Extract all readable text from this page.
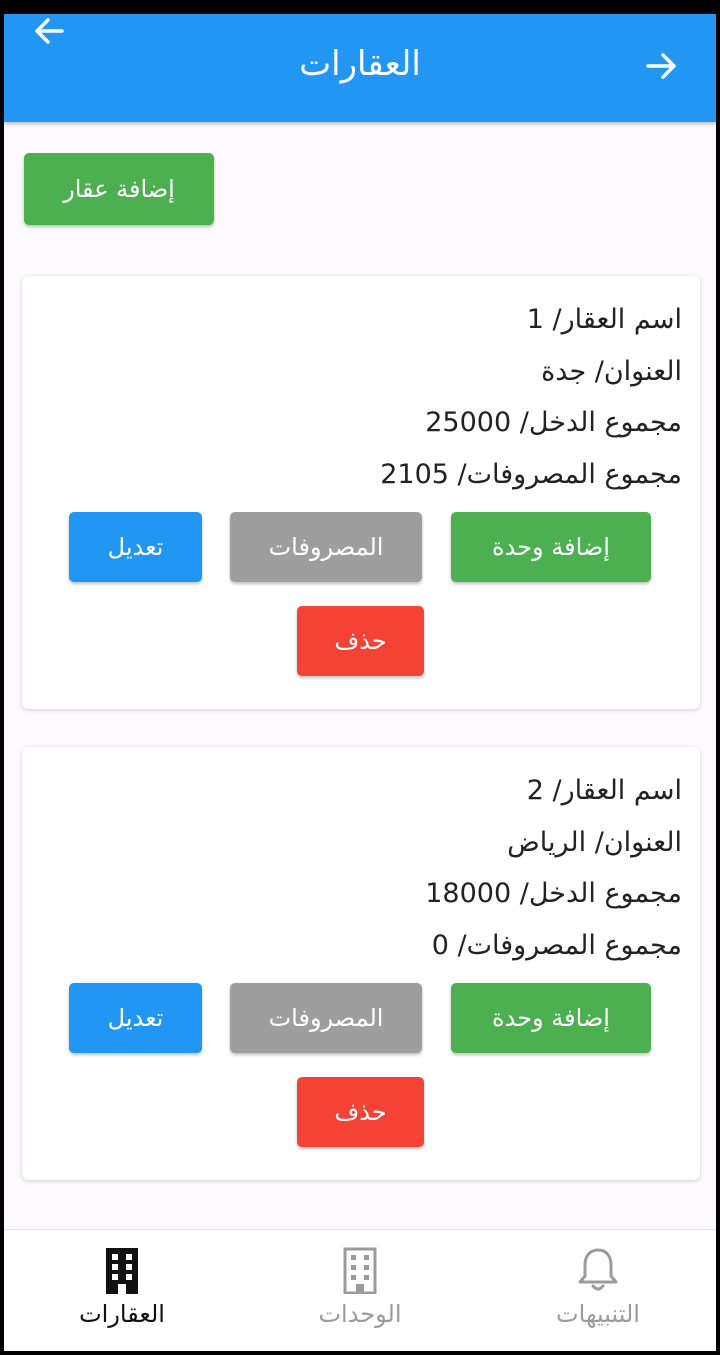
العقارات
إضافة عقار
اسم العقار/ 1
العنوان/ جدة
مجموع الدخل/ 25000
مجموع المصروفات/ 2105
إضافة وحدة
المصروفات
تعديل
حذف
اسم العقار/ 2
العنوان/ الرياض
مجموع الدخل/ 18000
مجموع المصروفات/ 0
إضافة وحدة
المصروفات
تعديل
حذف
العقارات	الوحدات	التنبيهات
